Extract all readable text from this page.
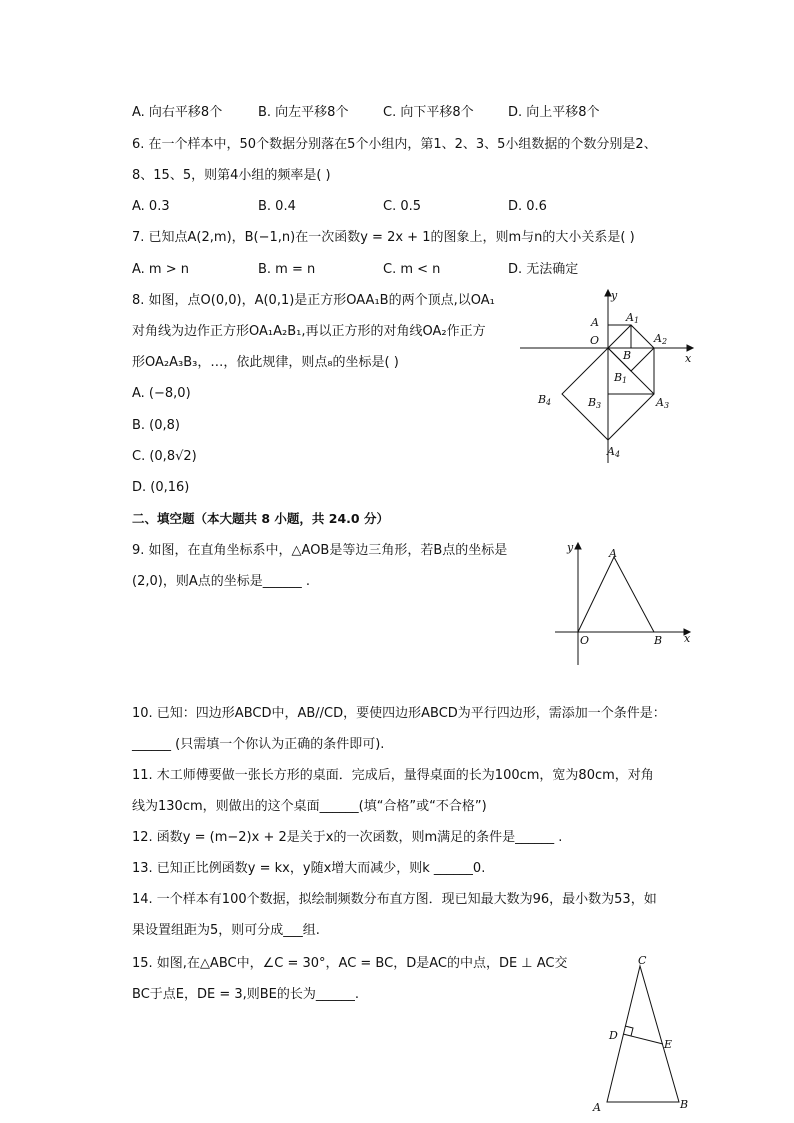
A. 向右平移8个	B. 向左平移8个	C. 向下平移8个	D. 向上平移8个
6. 在一个样本中，50个数据分别落在5个小组内，第1、2、3、5小组数据的个数分别是2、
8、15、5，则第4小组的频率是( )
A. 0.3	B. 0.4	C. 0.5	D. 0.6
7. 已知点A(2,m)，B(−1,n)在一次函数y = 2x + 1的图象上，则m与n的大小关系是( )
A. m > n	B. m = n	C. m < n	D. 无法确定
8. 如图，点O(0,0)，A(0,1)是正方形OAA₁B的两个顶点,以OA₁
对角线为边作正方形OA₁A₂B₁,再以正方形的对角线OA₂作正方
形OA₂A₃B₃，…，依此规律，则点₈的坐标是( )
A. (−8,0)
B. (0,8)
C. (0,8√2)
D. (0,16)
y
x
A
O
A 1
A 2
B
B 1
B 3	A 3
B 4
A 4
二、填空题（本大题共 8 小题，共 24.0 分）
9. 如图，在直角坐标系中，△AOB是等边三角形，若B点的坐标是
(2,0)，则A点的坐标是______ .
y	A
O	B x
10. 已知：四边形ABCD中，AB//CD，要使四边形ABCD为平行四边形，需添加一个条件是：
______ (只需填一个你认为正确的条件即可).
11. 木工师傅要做一张长方形的桌面．完成后，量得桌面的长为100cm，宽为80cm，对角
线为130cm，则做出的这个桌面______(填“合格”或“不合格”)
12. 函数y = (m−2)x + 2是关于x的一次函数，则m满足的条件是______ .
13. 已知正比例函数y = kx，y随x增大而减少，则k ______0.
14. 一个样本有100个数据，拟绘制频数分布直方图．现已知最大数为96，最小数为53，如
果设置组距为5，则可分成___组.
15. 如图,在△ABC中，∠C = 30°，AC = BC，D是AC的中点，DE ⊥ AC交
BC于点E，DE = 3,则BE的长为______.
C
D
E
A	B
